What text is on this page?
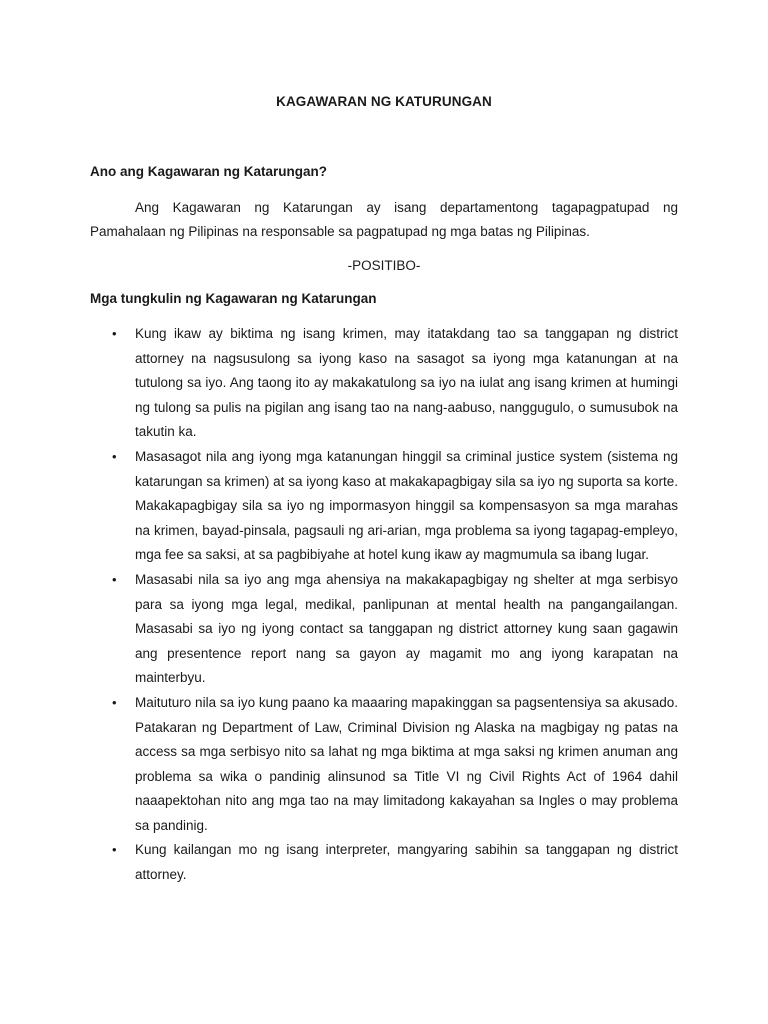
KAGAWARAN NG KATURUNGAN
Ano ang Kagawaran ng Katarungan?

Ang Kagawaran ng Katarungan ay isang departamentong tagapagpatupad ng Pamahalaan ng Pilipinas na responsable sa pagpatupad ng mga batas ng Pilipinas.

-POSITIBO-
Mga tungkulin ng Kagawaran ng Katarungan
• Kung ikaw ay biktima ng isang krimen, may itatakdang tao sa tanggapan ng district attorney na nagsusulong sa iyong kaso na sasagot sa iyong mga katanungan at na tutulong sa iyo. Ang taong ito ay makakatulong sa iyo na iulat ang isang krimen at humingi ng tulong sa pulis na pigilan ang isang tao na nang-aabuso, nanggugulo, o sumusubok na takutin ka.
• Masasagot nila ang iyong mga katanungan hinggil sa criminal justice system (sistema ng katarungan sa krimen) at sa iyong kaso at makakapagbigay sila sa iyo ng suporta sa korte. Makakapagbigay sila sa iyo ng impormasyon hinggil sa kompensasyon sa mga marahas na krimen, bayad-pinsala, pagsauli ng ari-arian, mga problema sa iyong tagapag-empleyo, mga fee sa saksi, at sa pagbibiyahe at hotel kung ikaw ay magmumula sa ibang lugar.
• Masasabi nila sa iyo ang mga ahensiya na makakapagbigay ng shelter at mga serbisyo para sa iyong mga legal, medikal, panlipunan at mental health na pangangailangan. Masasabi sa iyo ng iyong contact sa tanggapan ng district attorney kung saan gagawin ang presentence report nang sa gayon ay magamit mo ang iyong karapatan na mainterbyu.
• Maituturo nila sa iyo kung paano ka maaaring mapakinggan sa pagsentensiya sa akusado. Patakaran ng Department of Law, Criminal Division ng Alaska na magbigay ng patas na access sa mga serbisyo nito sa lahat ng mga biktima at mga saksi ng krimen anuman ang problema sa wika o pandinig alinsunod sa Title VI ng Civil Rights Act of 1964 dahil naaapektohan nito ang mga tao na may limitadong kakayahan sa Ingles o may problema sa pandinig.
• Kung kailangan mo ng isang interpreter, mangyaring sabihin sa tanggapan ng district attorney.
